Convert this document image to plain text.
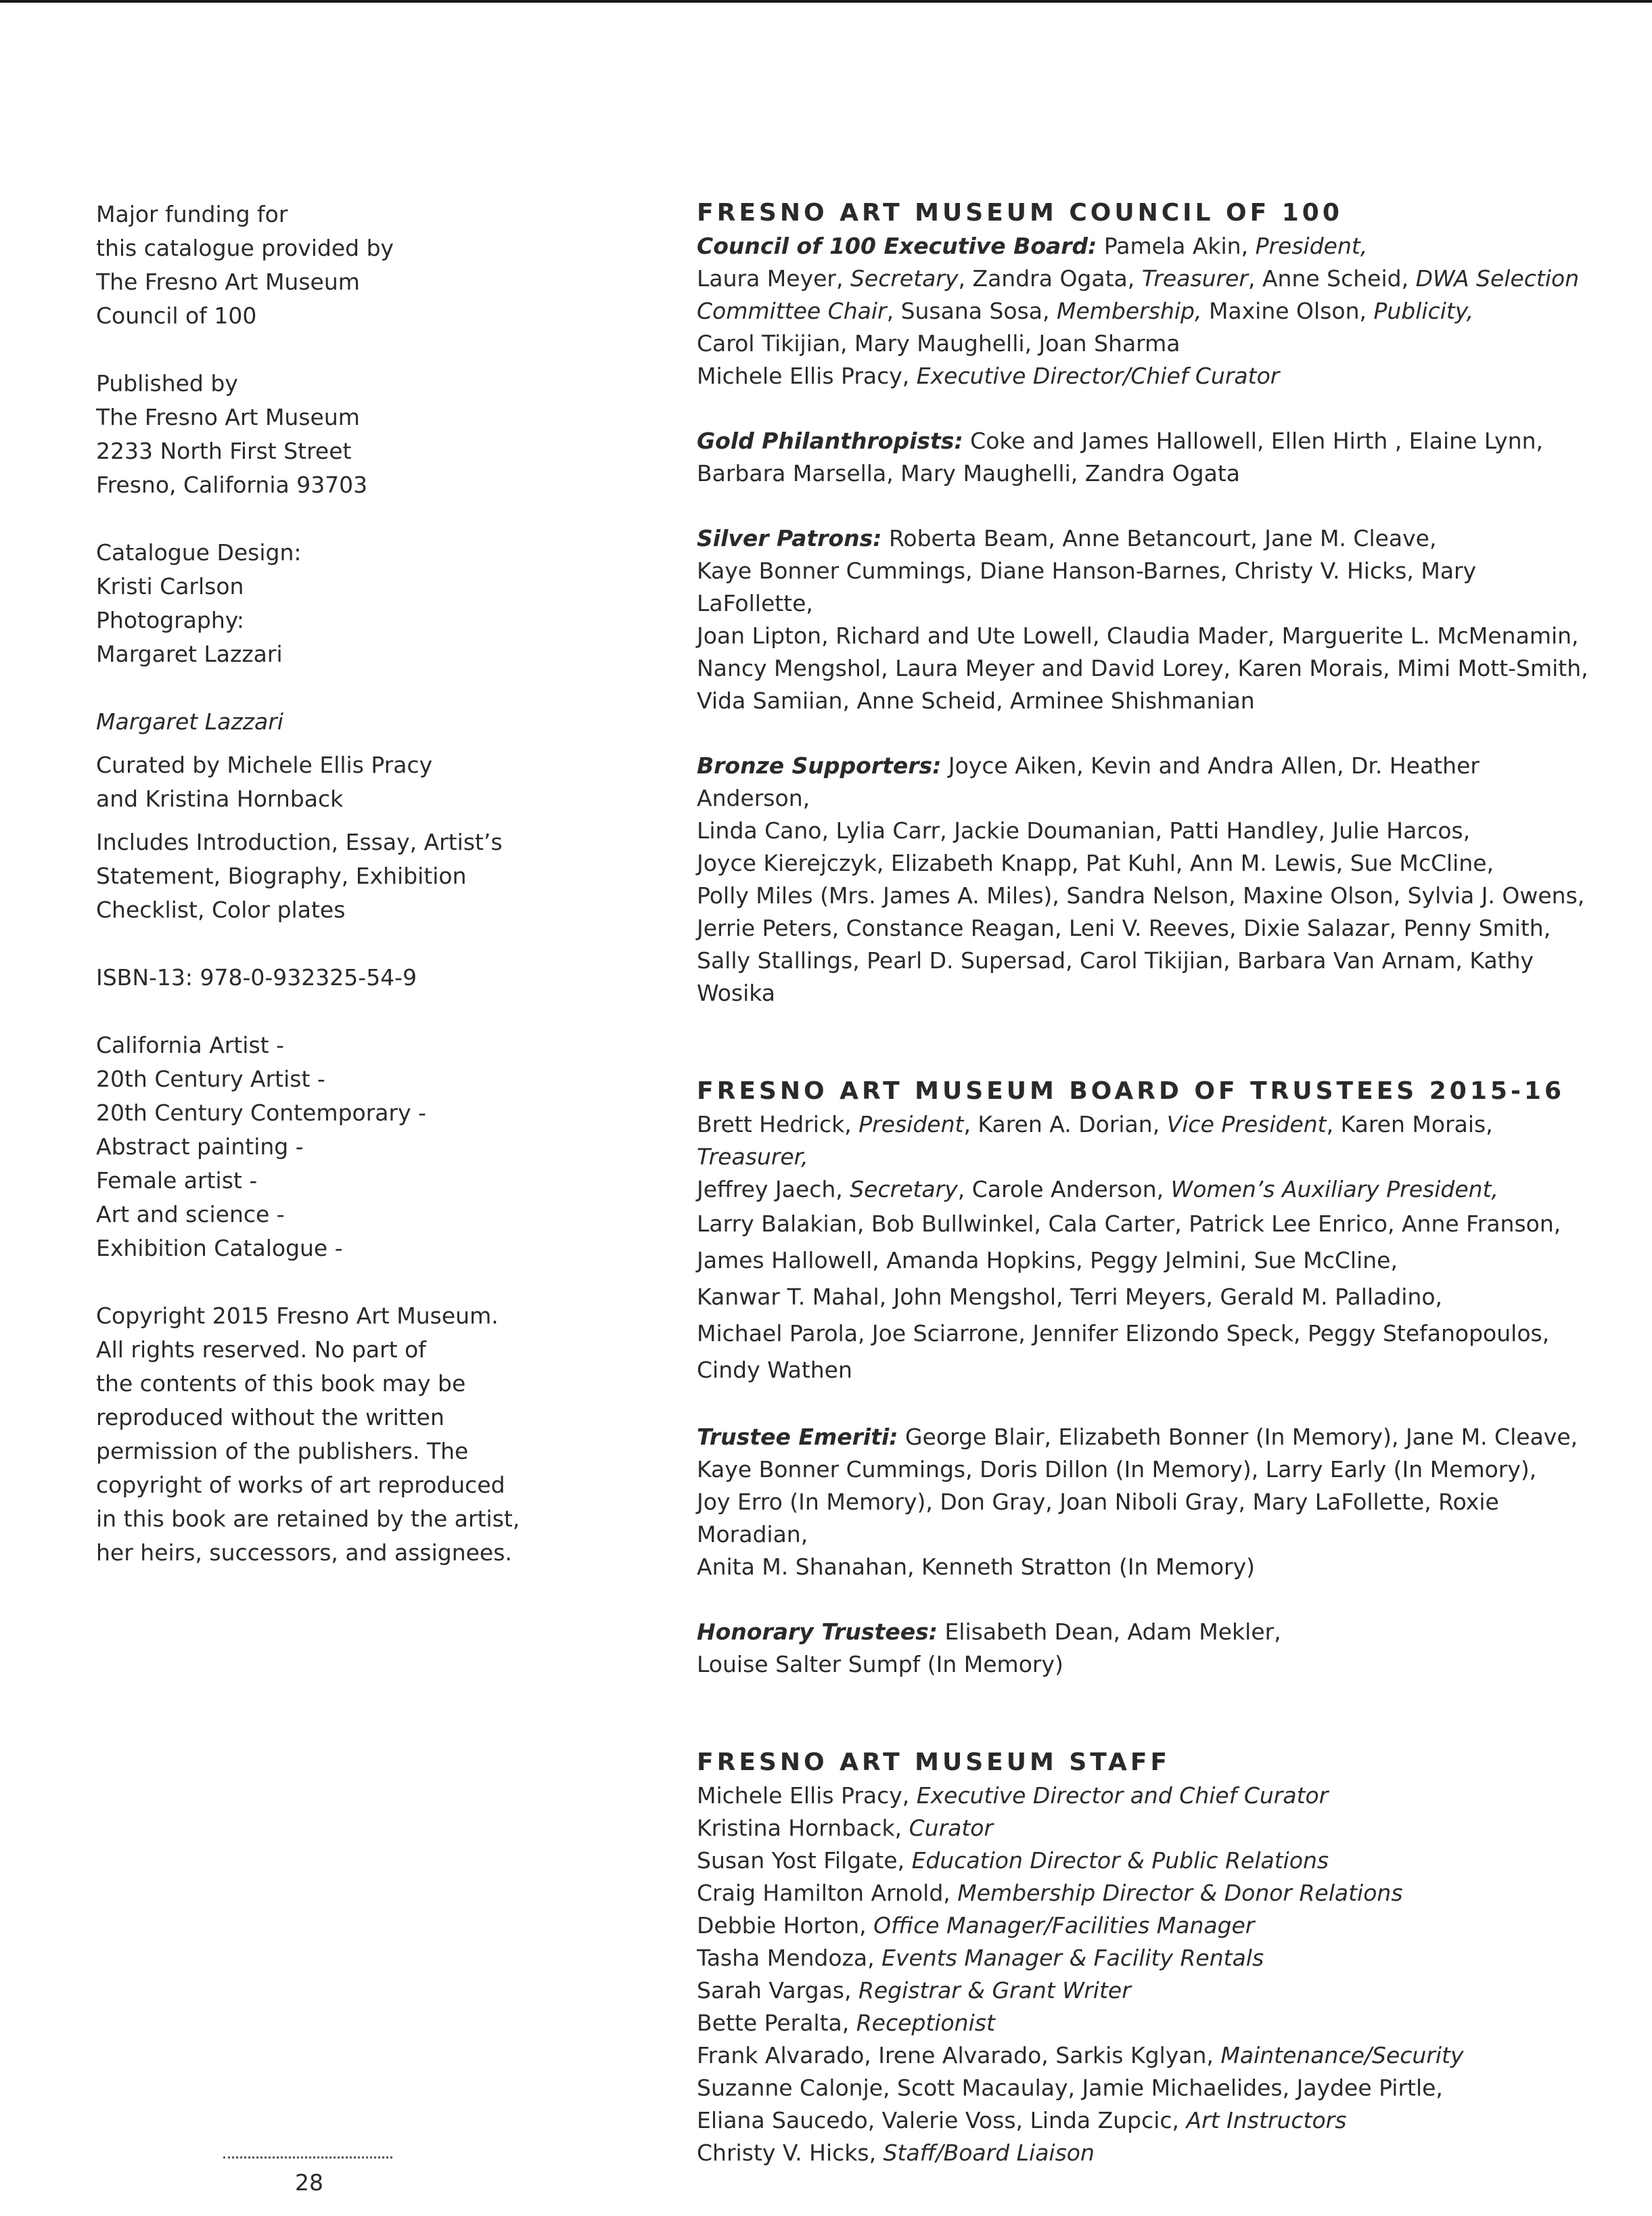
Major funding for

this catalogue provided by

The Fresno Art Museum

Council of 100

Published by

The Fresno Art Museum

2233 North First Street

Fresno, California 93703

Catalogue Design:

Kristi Carlson

Photography:

Margaret Lazzari

Margaret Lazzari

Curated by Michele Ellis Pracy

and Kristina Hornback

Includes Introduction, Essay, Artist’s

Statement, Biography, Exhibition

Checklist, Color plates

ISBN-13: 978-0-932325-54-9

California Artist -

20th Century Artist -

20th Century Contemporary -

Abstract painting -

Female artist -

Art and science -

Exhibition Catalogue -

Copyright 2015 Fresno Art Museum.

All rights reserved. No part of

the contents of this book may be

reproduced without the written

permission of the publishers. The

copyright of works of art reproduced

in this book are retained by the artist,

her heirs, successors, and assignees.

FRESNO ART MUSEUM COUNCIL OF 100

Council of 100 Executive Board: Pamela Akin, President,

Laura Meyer, Secretary, Zandra Ogata, Treasurer, Anne Scheid, DWA Selection

Committee Chair, Susana Sosa, Membership, Maxine Olson, Publicity,

Carol Tikijian, Mary Maughelli, Joan Sharma

Michele Ellis Pracy, Executive Director/Chief Curator

Gold Philanthropists: Coke and James Hallowell, Ellen Hirth , Elaine Lynn,

Barbara Marsella, Mary Maughelli, Zandra Ogata

Silver Patrons: Roberta Beam, Anne Betancourt, Jane M. Cleave,

Kaye Bonner Cummings, Diane Hanson-Barnes, Christy V. Hicks, Mary LaFollette,

Joan Lipton, Richard and Ute Lowell, Claudia Mader, Marguerite L. McMenamin,

Nancy Mengshol, Laura Meyer and David Lorey, Karen Morais, Mimi Mott-Smith,

Vida Samiian, Anne Scheid, Arminee Shishmanian

Bronze Supporters: Joyce Aiken, Kevin and Andra Allen, Dr. Heather Anderson,

Linda Cano, Lylia Carr, Jackie Doumanian, Patti Handley, Julie Harcos,

Joyce Kierejczyk, Elizabeth Knapp, Pat Kuhl, Ann M. Lewis, Sue McCline,

Polly Miles (Mrs. James A. Miles), Sandra Nelson, Maxine Olson, Sylvia J. Owens,

Jerrie Peters, Constance Reagan, Leni V. Reeves, Dixie Salazar, Penny Smith,

Sally Stallings, Pearl D. Supersad, Carol Tikijian, Barbara Van Arnam, Kathy Wosika

FRESNO ART MUSEUM BOARD OF TRUSTEES 2015-16

Brett Hedrick, President, Karen A. Dorian, Vice President, Karen Morais, Treasurer,

Jeffrey Jaech, Secretary, Carole Anderson, Women’s Auxiliary President,

Larry Balakian, Bob Bullwinkel, Cala Carter, Patrick Lee Enrico, Anne Franson,

James Hallowell, Amanda Hopkins, Peggy Jelmini, Sue McCline,

Kanwar T. Mahal, John Mengshol, Terri Meyers, Gerald M. Palladino,

Michael Parola, Joe Sciarrone, Jennifer Elizondo Speck, Peggy Stefanopoulos,

Cindy Wathen

Trustee Emeriti: George Blair, Elizabeth Bonner (In Memory), Jane M. Cleave,

Kaye Bonner Cummings, Doris Dillon (In Memory), Larry Early (In Memory),

Joy Erro (In Memory), Don Gray, Joan Niboli Gray, Mary LaFollette, Roxie Moradian,

Anita M. Shanahan, Kenneth Stratton (In Memory)

Honorary Trustees: Elisabeth Dean, Adam Mekler,

Louise Salter Sumpf (In Memory)

FRESNO ART MUSEUM STAFF

Michele Ellis Pracy, Executive Director and Chief Curator

Kristina Hornback, Curator

Susan Yost Filgate, Education Director & Public Relations

Craig Hamilton Arnold, Membership Director & Donor Relations

Debbie Horton, Office Manager/Facilities Manager

Tasha Mendoza, Events Manager & Facility Rentals

Sarah Vargas, Registrar & Grant Writer

Bette Peralta, Receptionist

Frank Alvarado, Irene Alvarado, Sarkis Kglyan, Maintenance/Security

Suzanne Calonje, Scott Macaulay, Jamie Michaelides, Jaydee Pirtle,

Eliana Saucedo, Valerie Voss, Linda Zupcic, Art Instructors

Christy V. Hicks, Staff/Board Liaison

28
